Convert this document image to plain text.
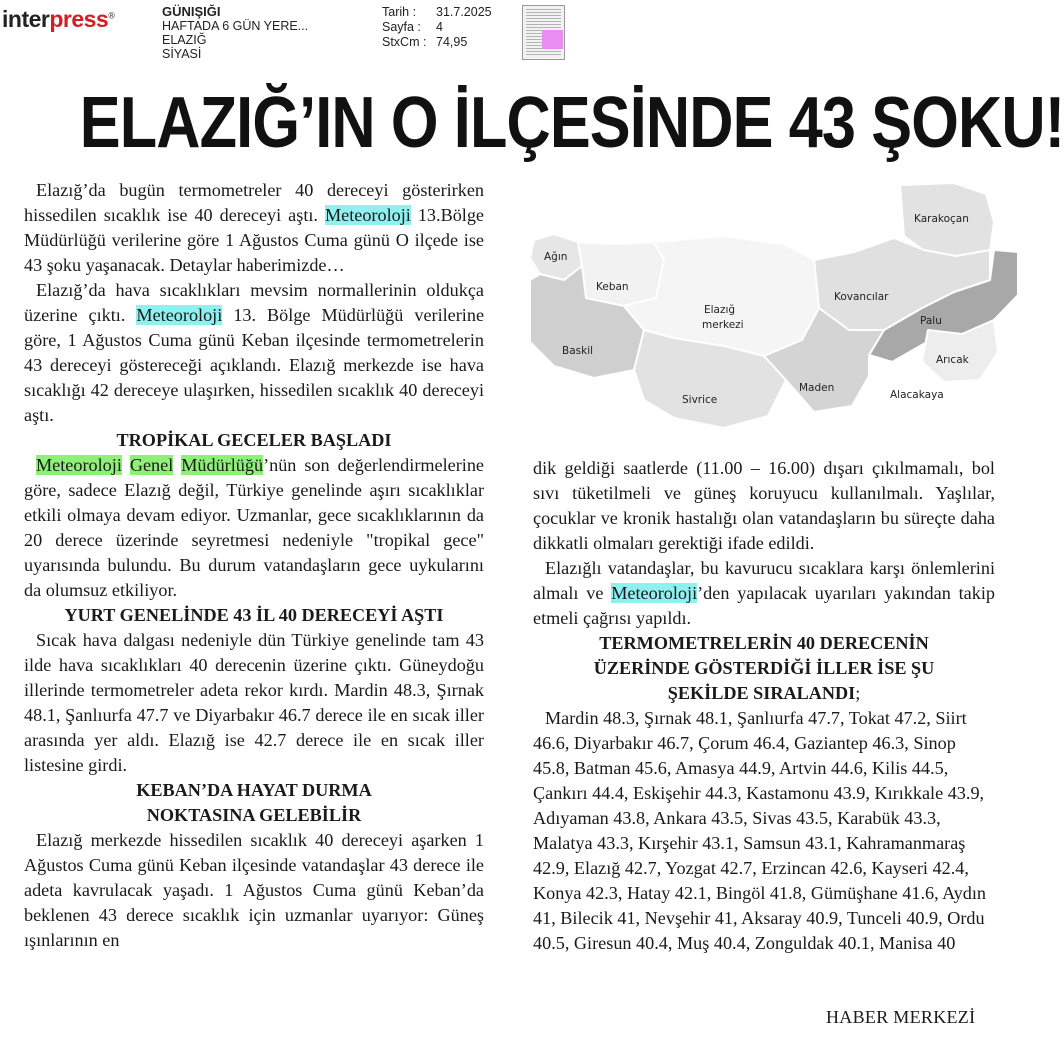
interpress®	GÜNIŞIĞI
HAFTADA 6 GÜN YERE...
ELAZIĞ
SİYASİ
Tarih :	31.7.2025
Sayfa :	4
StxCm : 74,95
ELAZIĞ’IN O İLÇESİNDE 43 ŞOKU!
Ağın
Keban
Baskil
Elazığ
merkezi
Sivrice
Maden
Kovancılar
Karakoçan
Palu
Arıcak
Alacakaya

Elazığ’da bugün termometreler 40 dereceyi gösterirken hissedilen sıcaklık ise 40 dereceyi aştı. Meteoroloji 13.Bölge Müdürlüğü verilerine göre 1 Ağustos Cuma günü O ilçede ise 43 şoku yaşanacak. Detaylar haberimizde…

Elazığ’da hava sıcaklıkları mevsim normallerinin oldukça üzerine çıktı. Meteoroloji 13. Bölge Müdürlüğü verilerine göre, 1 Ağustos Cuma günü Keban ilçesinde termometrelerin 43 dereceyi göstereceği açıklandı. Elazığ merkezde ise hava sıcaklığı 42 dereceye ulaşırken, hissedilen sıcaklık 40 dereceyi aştı.

TROPİKAL GECELER BAŞLADI

Meteoroloji Genel Müdürlüğü’nün son değerlendirmelerine göre, sadece Elazığ değil, Türkiye genelinde aşırı sıcaklıklar etkili olmaya devam ediyor. Uzmanlar, gece sıcaklıklarının da 20 derece üzerinde seyretmesi nedeniyle "tropikal gece" uyarısında bulundu. Bu durum vatandaşların gece uykularını da olumsuz etkiliyor.

YURT GENELİNDE 43 İL 40 DERECEYİ AŞTI

Sıcak hava dalgası nedeniyle dün Türkiye genelinde tam 43 ilde hava sıcaklıkları 40 derecenin üzerine çıktı. Güneydoğu illerinde termometreler adeta rekor kırdı. Mardin 48.3, Şırnak 48.1, Şanlıurfa 47.7 ve Diyarbakır 46.7 derece ile en sıcak iller arasında yer aldı. Elazığ ise 42.7 derece ile en sıcak iller listesine girdi.

KEBAN’DA HAYAT DURMA
NOKTASINA GELEBİLİR

Elazığ merkezde hissedilen sıcaklık 40 dereceyi aşarken 1 Ağustos Cuma günü Keban ilçesinde vatandaşlar 43 derece ile adeta kavrulacak yaşadı. 1 Ağustos Cuma günü Keban’da beklenen 43 derece sıcaklık için uzmanlar uyarıyor: Güneş ışınlarının en

dik geldiği saatlerde (11.00 – 16.00) dışarı çıkılmamalı, bol sıvı tüketilmeli ve güneş koruyucu kullanılmalı. Yaşlılar, çocuklar ve kronik hastalığı olan vatandaşların bu süreçte daha dikkatli olmaları gerektiği ifade edildi.

Elazığlı vatandaşlar, bu kavurucu sıcaklara karşı önlemlerini almalı ve Meteoroloji’den yapılacak uyarıları yakından takip etmeli çağrısı yapıldı.

TERMOMETRELERİN 40 DERECENİN
ÜZERİNDE GÖSTERDİĞİ İLLER İSE ŞU
ŞEKİLDE SIRALANDI;

Mardin 48.3, Şırnak 48.1, Şanlıurfa 47.7, Tokat 47.2, Siirt 46.6, Diyarbakır 46.7, Çorum 46.4, Gaziantep 46.3, Sinop 45.8, Batman 45.6, Amasya 44.9, Artvin 44.6, Kilis 44.5, Çankırı 44.4, Eskişehir 44.3, Kastamonu 43.9, Kırıkkale 43.9, Adıyaman 43.8, Ankara 43.5, Sivas 43.5, Karabük 43.3, Malatya 43.3, Kırşehir 43.1, Samsun 43.1, Kahramanmaraş 42.9, Elazığ 42.7, Yozgat 42.7, Erzincan 42.6, Kayseri 42.4, Konya 42.3, Hatay 42.1, Bingöl 41.8, Gümüşhane 41.6, Aydın 41, Bilecik 41, Nevşehir 41, Aksaray 40.9, Tunceli 40.9, Ordu 40.5, Giresun 40.4, Muş 40.4, Zonguldak 40.1, Manisa 40

HABER MERKEZİ
